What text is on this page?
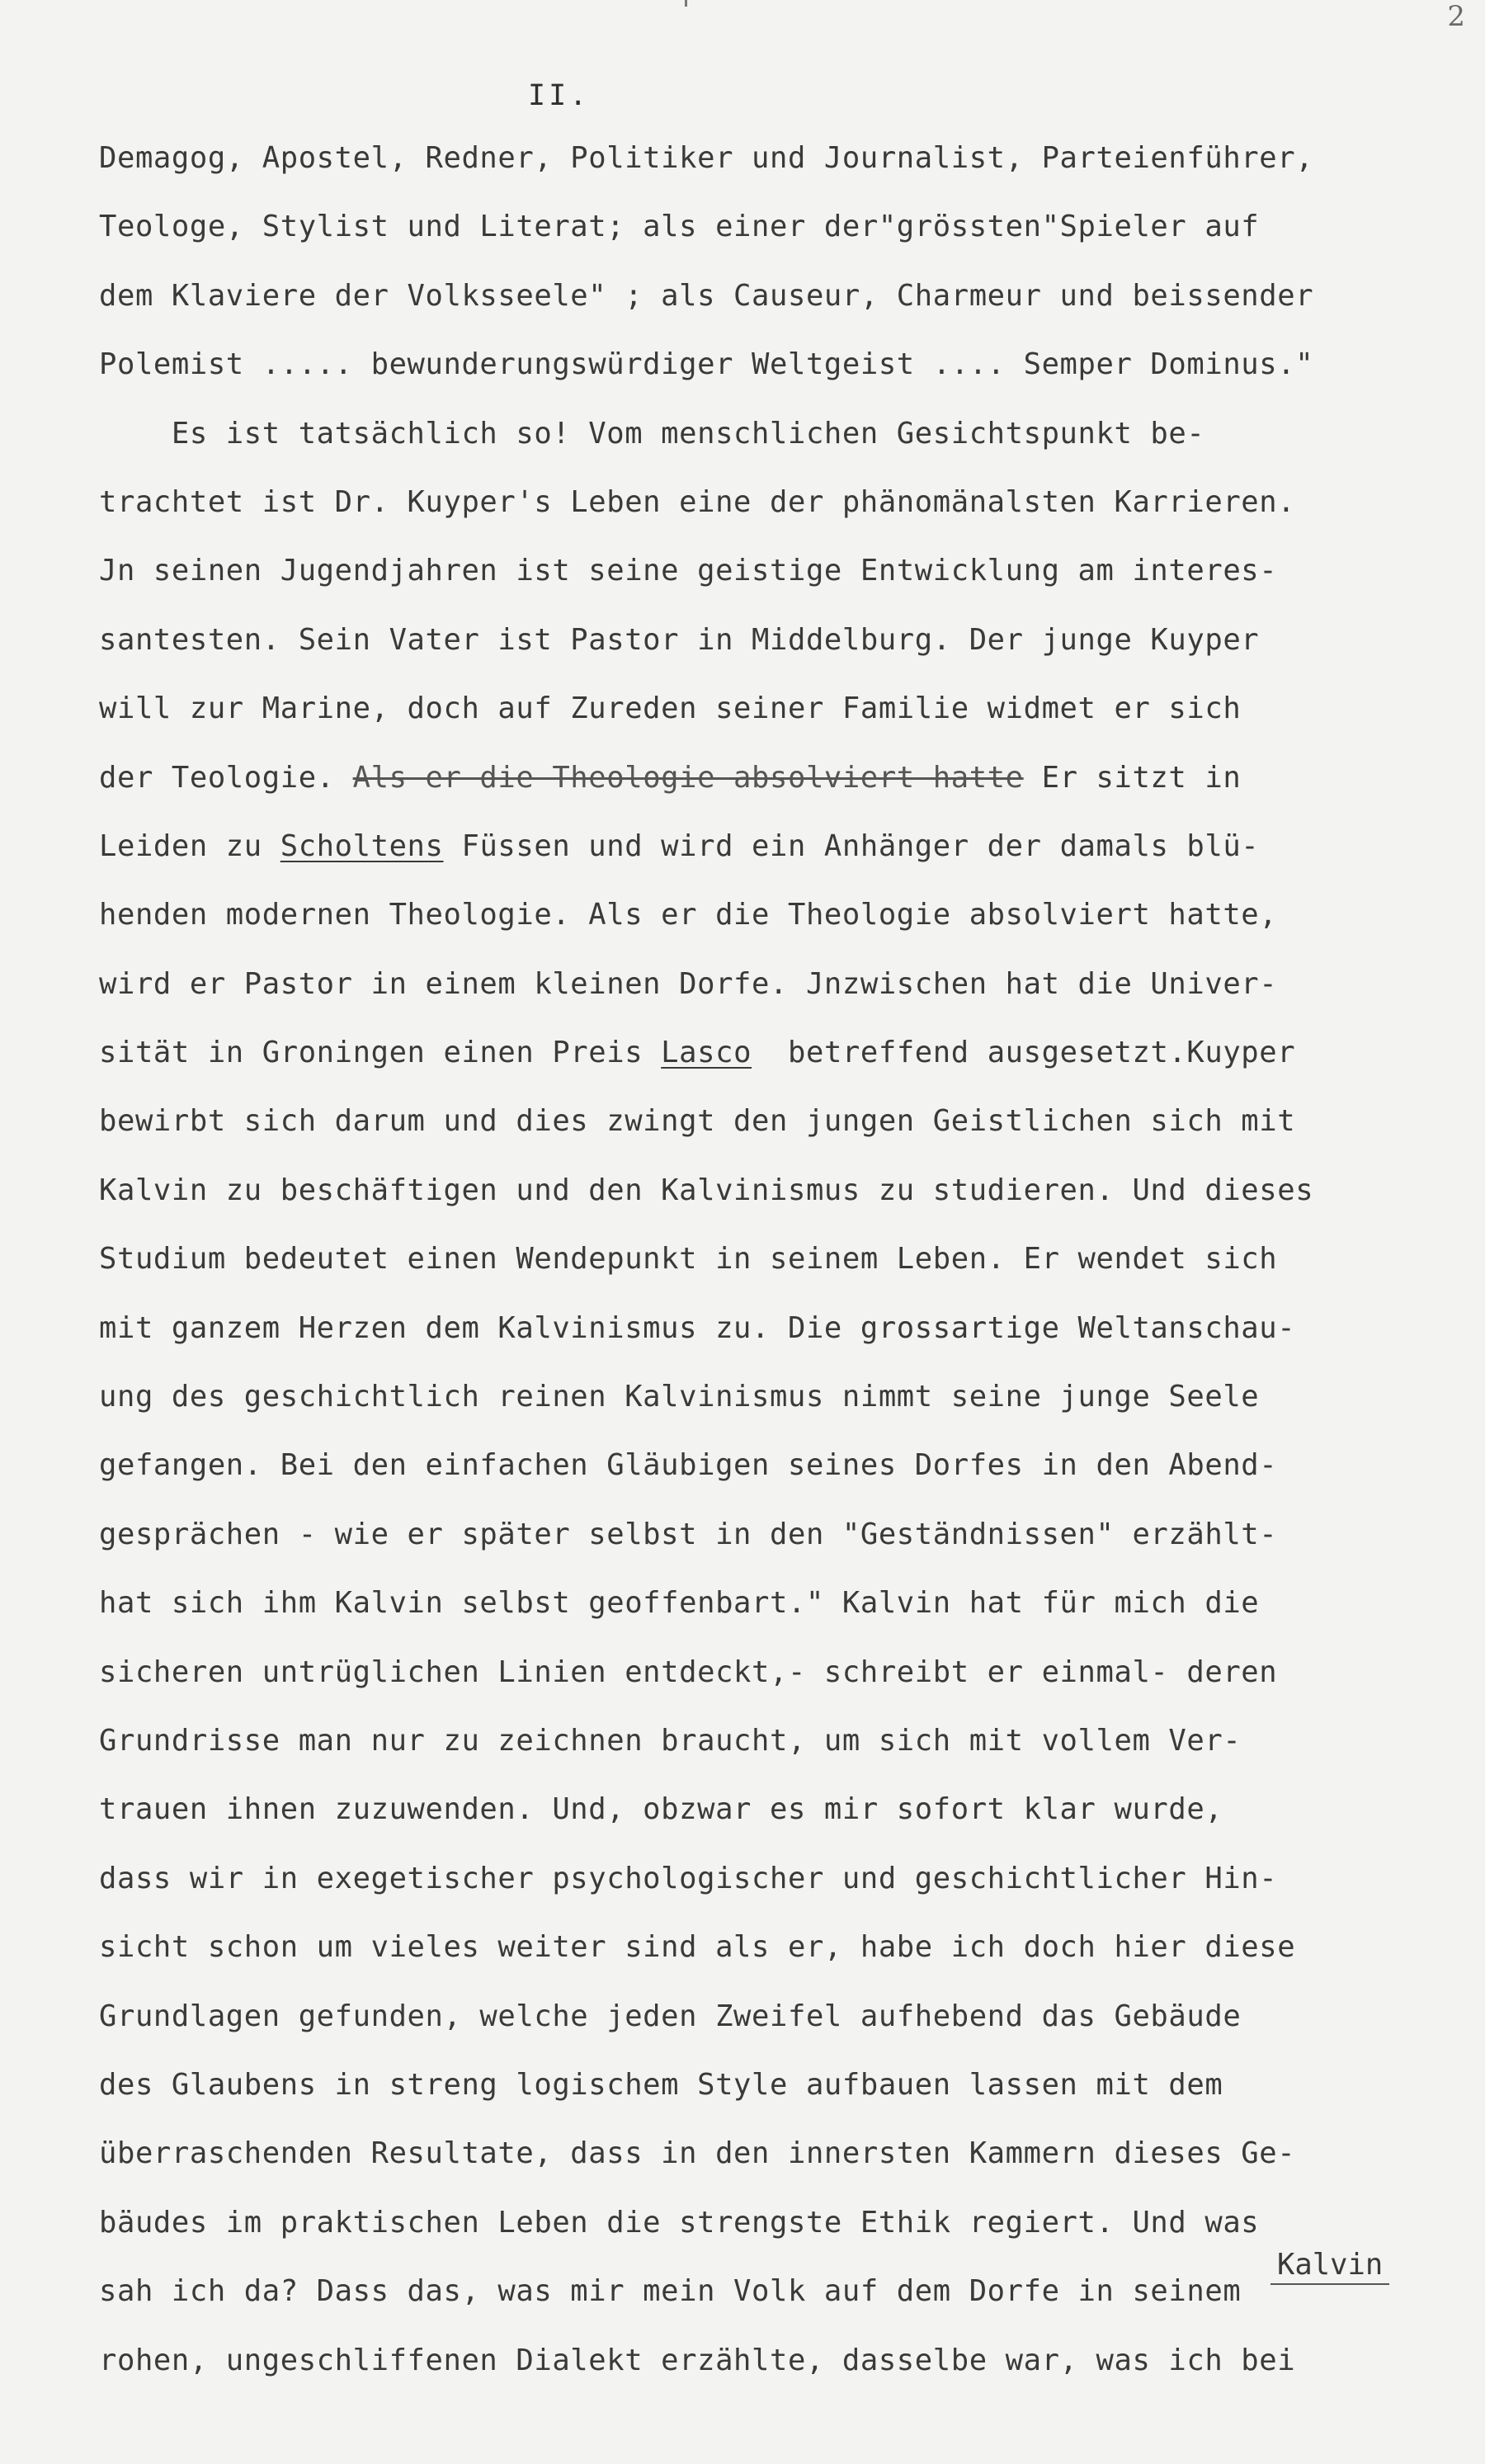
2
II.
Demagog, Apostel, Redner, Politiker und Journalist, Parteienführer,
Teologe, Stylist und Literat; als einer der"grössten"Spieler auf
dem Klaviere der Volksseele" ; als Causeur, Charmeur und beissender
Polemist ..... bewunderungswürdiger Weltgeist .... Semper Dominus."
Es ist tatsächlich so! Vom menschlichen Gesichtspunkt be-
trachtet ist Dr. Kuyper's Leben eine der phänomänalsten Karrieren.
Jn seinen Jugendjahren ist seine geistige Entwicklung am interes-
santesten. Sein Vater ist Pastor in Middelburg. Der junge Kuyper
will zur Marine, doch auf Zureden seiner Familie widmet er sich
der Teologie. Als er die Theologie absolviert hatte Er sitzt in
Leiden zu Scholtens Füssen und wird ein Anhänger der damals blü-
henden modernen Theologie. Als er die Theologie absolviert hatte,
wird er Pastor in einem kleinen Dorfe. Jnzwischen hat die Univer-
sität in Groningen einen Preis Lasco  betreffend ausgesetzt.Kuyper
bewirbt sich darum und dies zwingt den jungen Geistlichen sich mit
Kalvin zu beschäftigen und den Kalvinismus zu studieren. Und dieses
Studium bedeutet einen Wendepunkt in seinem Leben. Er wendet sich
mit ganzem Herzen dem Kalvinismus zu. Die grossartige Weltanschau-
ung des geschichtlich reinen Kalvinismus nimmt seine junge Seele
gefangen. Bei den einfachen Gläubigen seines Dorfes in den Abend-
gesprächen - wie er später selbst in den "Geständnissen" erzählt-
hat sich ihm Kalvin selbst geoffenbart." Kalvin hat für mich die
sicheren untrüglichen Linien entdeckt,- schreibt er einmal- deren
Grundrisse man nur zu zeichnen braucht, um sich mit vollem Ver-
trauen ihnen zuzuwenden. Und, obzwar es mir sofort klar wurde,
dass wir in exegetischer psychologischer und geschichtlicher Hin-
sicht schon um vieles weiter sind als er, habe ich doch hier diese
Grundlagen gefunden, welche jeden Zweifel aufhebend das Gebäude
des Glaubens in streng logischem Style aufbauen lassen mit dem
überraschenden Resultate, dass in den innersten Kammern dieses Ge-
bäudes im praktischen Leben die strengste Ethik regiert. Und was
sah ich da? Dass das, was mir mein Volk auf dem Dorfe in seinem
rohen, ungeschliffenen Dialekt erzählte, dasselbe war, was ich bei
Kalvin
